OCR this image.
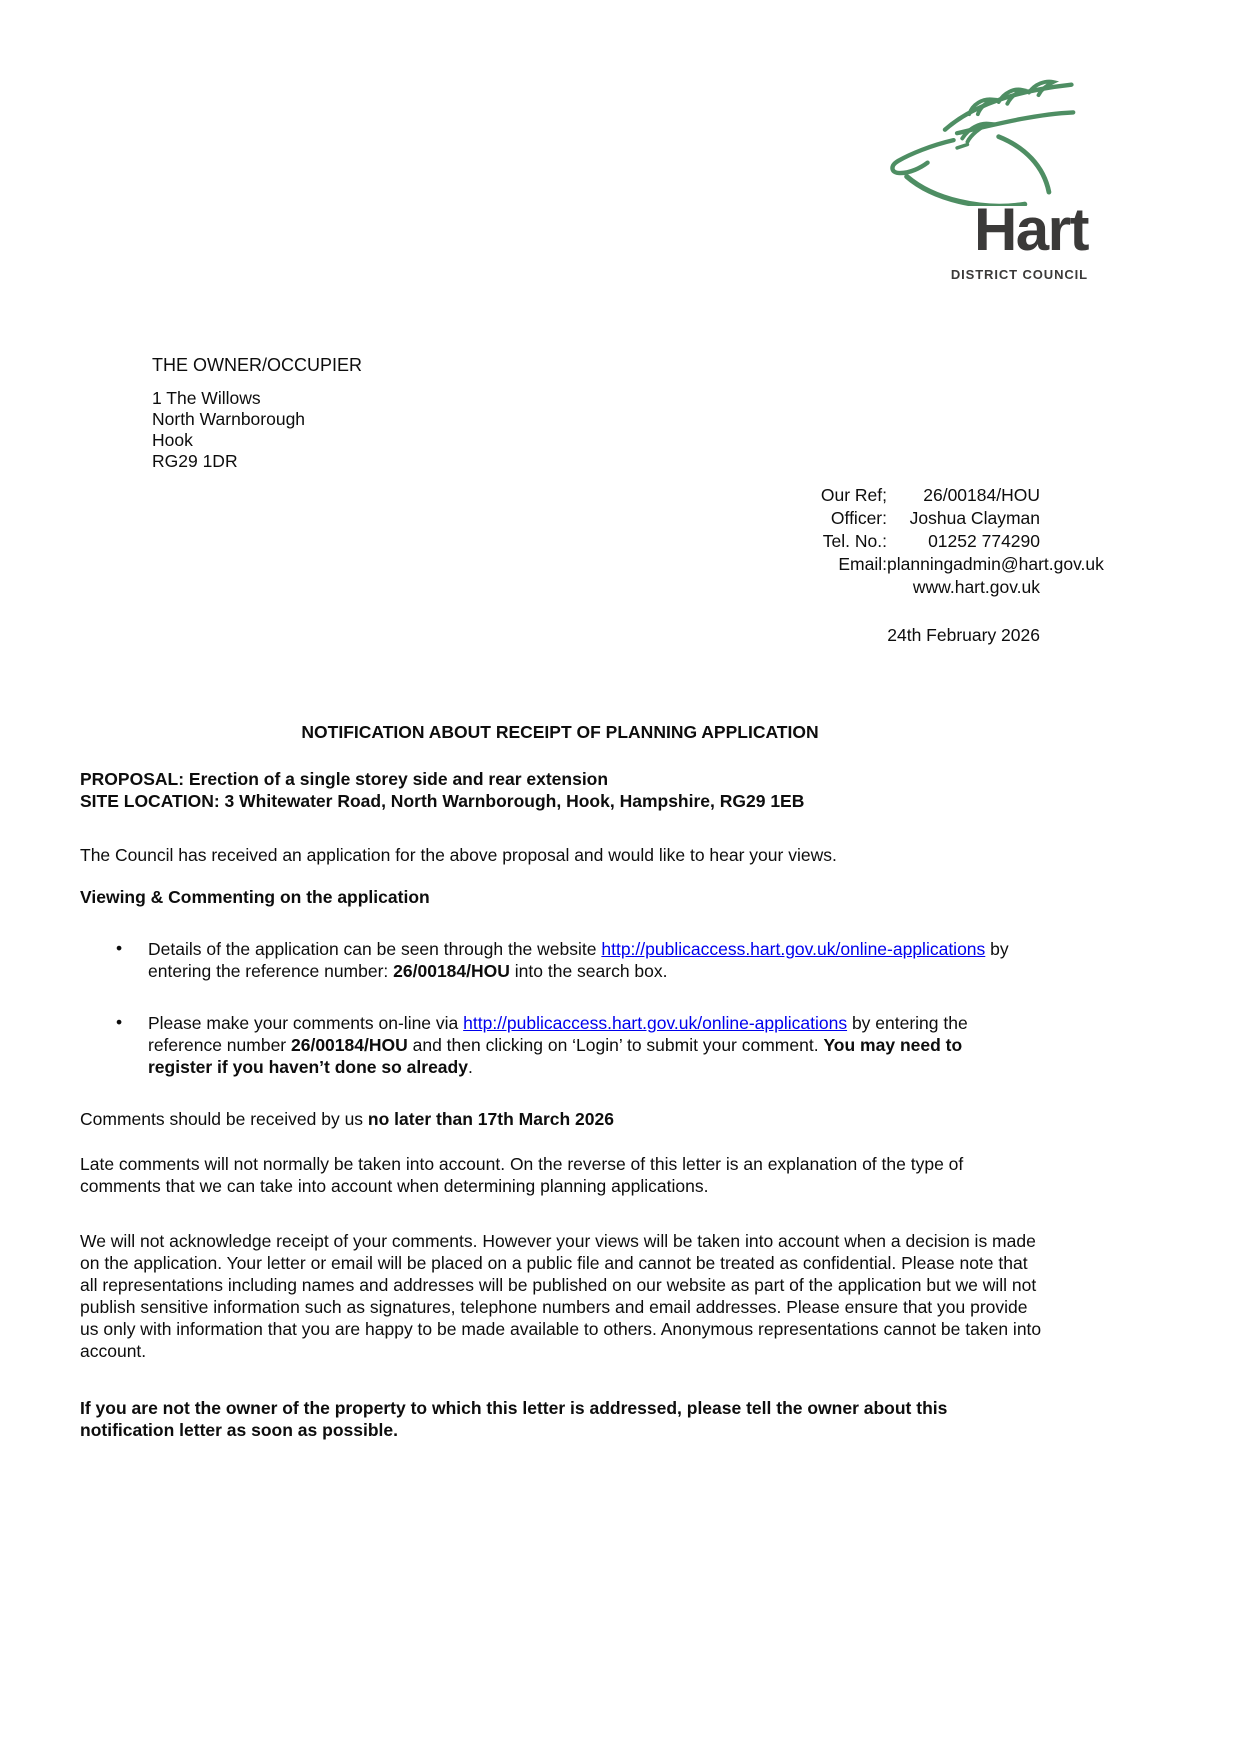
Hart
DISTRICT COUNCIL
THE OWNER/OCCUPIER
1 The Willows
North Warnborough
Hook
RG29 1DR
Our Ref;	26/00184/HOU
Officer:	Joshua Clayman
Tel. No.:	01252 774290
Email: planningadmin@hart.gov.uk
www.hart.gov.uk
24th February 2026
NOTIFICATION ABOUT RECEIPT OF PLANNING APPLICATION
PROPOSAL: Erection of a single storey side and rear extension
SITE LOCATION: 3 Whitewater Road, North Warnborough, Hook, Hampshire, RG29 1EB
The Council has received an application for the above proposal and would like to hear your views.
Viewing & Commenting on the application
• Details of the application can be seen through the website http://publicaccess.hart.gov.uk/online-applications by entering the reference number: 26/00184/HOU into the search box.
• Please make your comments on-line via http://publicaccess.hart.gov.uk/online-applications by entering the reference number 26/00184/HOU and then clicking on ‘Login’ to submit your comment. You may need to register if you haven’t done so already.
Comments should be received by us no later than 17th March 2026
Late comments will not normally be taken into account. On the reverse of this letter is an explanation of the type of comments that we can take into account when determining planning applications.
We will not acknowledge receipt of your comments. However your views will be taken into account when a decision is made on the application. Your letter or email will be placed on a public file and cannot be treated as confidential. Please note that all representations including names and addresses will be published on our website as part of the application but we will not publish sensitive information such as signatures, telephone numbers and email addresses. Please ensure that you provide us only with information that you are happy to be made available to others. Anonymous representations cannot be taken into account.
If you are not the owner of the property to which this letter is addressed, please tell the owner about this notification letter as soon as possible.
